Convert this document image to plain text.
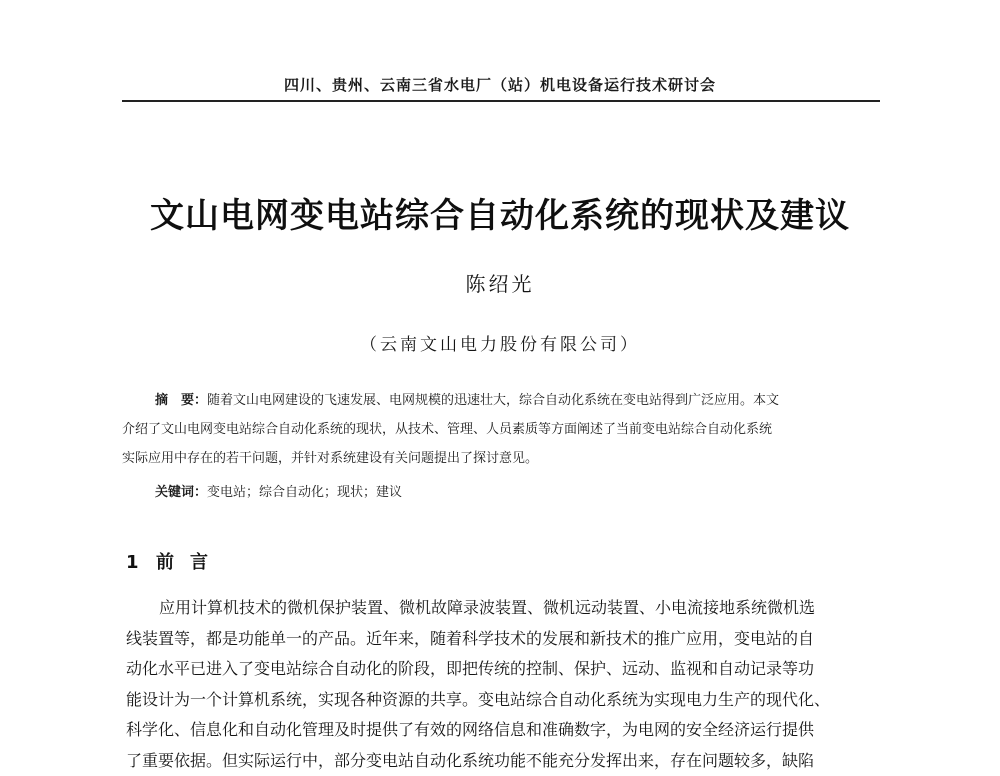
四川、贵州、云南三省水电厂（站）机电设备运行技术研讨会
文山电网变电站综合自动化系统的现状及建议
陈绍光
（云南文山电力股份有限公司）
摘　要：随着文山电网建设的飞速发展、电网规模的迅速壮大，综合自动化系统在变电站得到广泛应用。本文
介绍了文山电网变电站综合自动化系统的现状，从技术、管理、人员素质等方面阐述了当前变电站综合自动化系统
实际应用中存在的若干问题，并针对系统建设有关问题提出了探讨意见。
关键词：变电站；综合自动化；现状；建议
1 前言
应用计算机技术的微机保护装置、微机故障录波装置、微机远动装置、小电流接地系统微机选
线装置等，都是功能单一的产品。近年来，随着科学技术的发展和新技术的推广应用，变电站的自
动化水平已进入了变电站综合自动化的阶段，即把传统的控制、保护、远动、监视和自动记录等功
能设计为一个计算机系统，实现各种资源的共享。变电站综合自动化系统为实现电力生产的现代化、
科学化、信息化和自动化管理及时提供了有效的网络信息和准确数字，为电网的安全经济运行提供
了重要依据。但实际运行中，部分变电站自动化系统功能不能充分发挥出来，存在问题较多，缺陷
